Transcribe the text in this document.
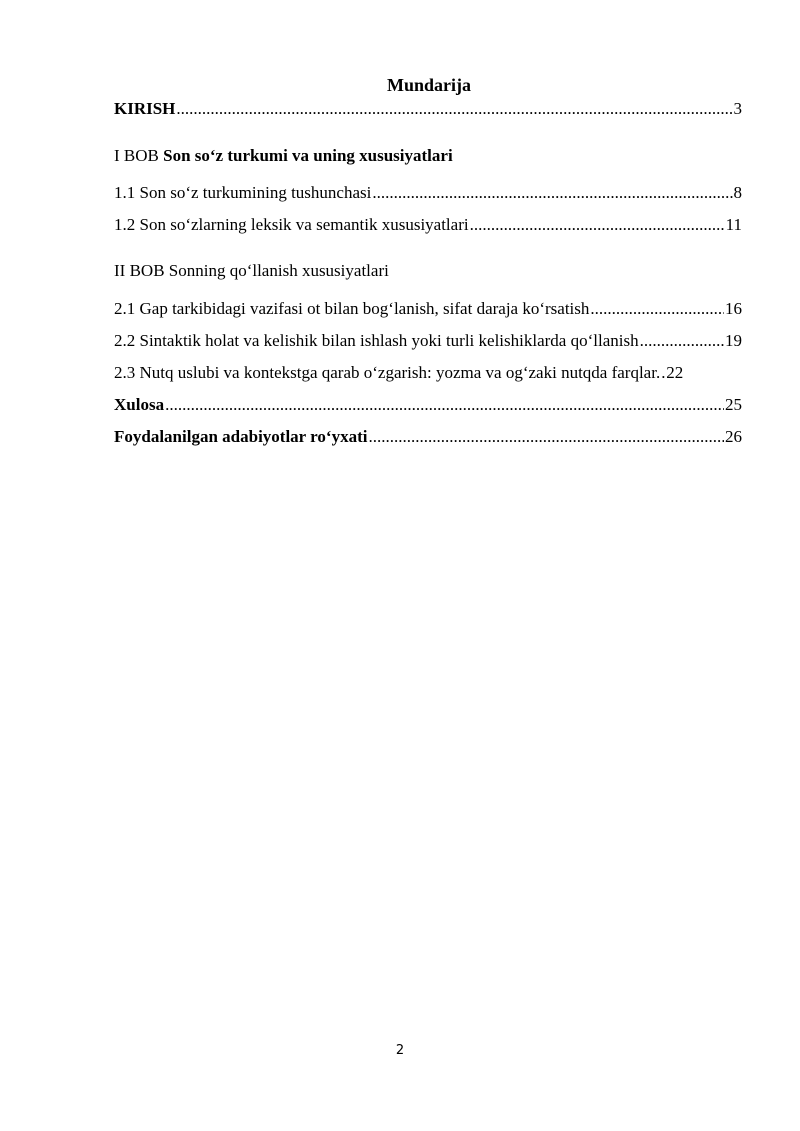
Mundarija
KIRISH .....	3
I BOB Son so‘z turkumi va uning xususiyatlari
1.1 Son so‘z turkumining tushunchasi .....	8
1.2 Son so‘zlarning leksik va semantik xususiyatlari .....	11
II BOB Sonning qo‘llanish xususiyatlari
2.1 Gap tarkibidagi vazifasi ot bilan bog‘lanish, sifat daraja ko‘rsatish .....	16
2.2 Sintaktik holat va kelishik bilan ishlash yoki turli kelishiklarda qo‘llanish .....	19
2.3 Nutq uslubi va kontekstga qarab o‘zgarish: yozma va og‘zaki nutqda farqlar. ..... 22
Xulosa .....	25
Foydalanilgan adabiyotlar ro‘yxati .....	26
2
